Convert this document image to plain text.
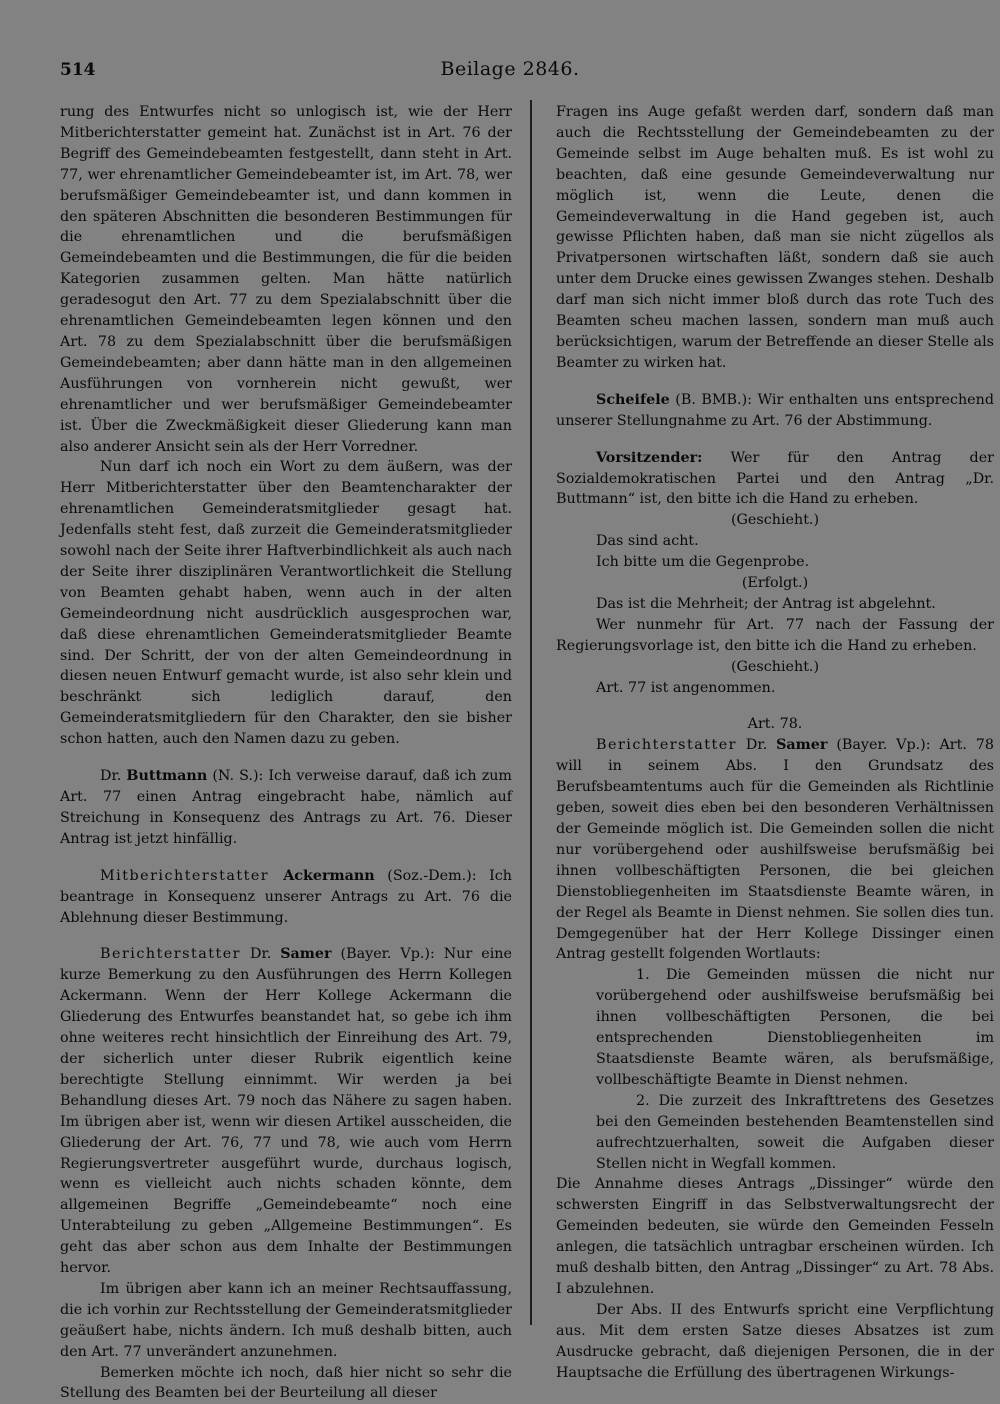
514	Beilage 2846.

rung des Entwurfes nicht so unlogisch ist, wie der Herr Mitberichterstatter gemeint hat. Zunächst ist in Art. 76 der Begriff des Gemeindebeamten festgestellt, dann steht in Art. 77, wer ehrenamtlicher Gemeindebeamter ist, im Art. 78, wer berufsmäßiger Gemeindebeamter ist, und dann kommen in den späteren Abschnitten die besonderen Bestimmungen für die ehrenamtlichen und die berufsmäßigen Gemeindebeamten und die Bestimmungen, die für die beiden Kategorien zusammen gelten. Man hätte natürlich geradesogut den Art. 77 zu dem Spezialabschnitt über die ehrenamtlichen Gemeindebeamten legen können und den Art. 78 zu dem Spezialabschnitt über die berufsmäßigen Gemeindebeamten; aber dann hätte man in den allgemeinen Ausführungen von vornherein nicht gewußt, wer ehrenamtlicher und wer berufsmäßiger Gemeindebeamter ist. Über die Zweckmäßigkeit dieser Gliederung kann man also anderer Ansicht sein als der Herr Vorredner.

Nun darf ich noch ein Wort zu dem äußern, was der Herr Mitberichterstatter über den Beamtencharakter der ehrenamtlichen Gemeinderatsmitglieder gesagt hat. Jedenfalls steht fest, daß zurzeit die Gemeinderatsmitglieder sowohl nach der Seite ihrer Haftverbindlichkeit als auch nach der Seite ihrer disziplinären Verantwortlichkeit die Stellung von Beamten gehabt haben, wenn auch in der alten Gemeindeordnung nicht ausdrücklich ausgesprochen war, daß diese ehrenamtlichen Gemeinderatsmitglieder Beamte sind. Der Schritt, der von der alten Gemeindeordnung in diesen neuen Entwurf gemacht wurde, ist also sehr klein und beschränkt sich lediglich darauf, den Gemeinderatsmitgliedern für den Charakter, den sie bisher schon hatten, auch den Namen dazu zu geben.

Dr. Buttmann (N. S.): Ich verweise darauf, daß ich zum Art. 77 einen Antrag eingebracht habe, nämlich auf Streichung in Konsequenz des Antrags zu Art. 76. Dieser Antrag ist jetzt hinfällig.

Mitberichterstatter Ackermann (Soz.-Dem.): Ich beantrage in Konsequenz unserer Antrags zu Art. 76 die Ablehnung dieser Bestimmung.

Berichterstatter Dr. Samer (Bayer. Vp.): Nur eine kurze Bemerkung zu den Ausführungen des Herrn Kollegen Ackermann. Wenn der Herr Kollege Ackermann die Gliederung des Entwurfes beanstandet hat, so gebe ich ihm ohne weiteres recht hinsichtlich der Einreihung des Art. 79, der sicherlich unter dieser Rubrik eigentlich keine berechtigte Stellung einnimmt. Wir werden ja bei Behandlung dieses Art. 79 noch das Nähere zu sagen haben. Im übrigen aber ist, wenn wir diesen Artikel ausscheiden, die Gliederung der Art. 76, 77 und 78, wie auch vom Herrn Regierungsvertreter ausgeführt wurde, durchaus logisch, wenn es vielleicht auch nichts schaden könnte, dem allgemeinen Begriffe „Gemeindebeamte“ noch eine Unterabteilung zu geben „Allgemeine Bestimmungen“. Es geht das aber schon aus dem Inhalte der Bestimmungen hervor.

Im übrigen aber kann ich an meiner Rechtsauffassung, die ich vorhin zur Rechtsstellung der Gemeinderatsmitglieder geäußert habe, nichts ändern. Ich muß deshalb bitten, auch den Art. 77 unverändert anzunehmen.

Bemerken möchte ich noch, daß hier nicht so sehr die Stellung des Beamten bei der Beurteilung all dieser

Fragen ins Auge gefaßt werden darf, sondern daß man auch die Rechtsstellung der Gemeindebeamten zu der Gemeinde selbst im Auge behalten muß. Es ist wohl zu beachten, daß eine gesunde Gemeindeverwaltung nur möglich ist, wenn die Leute, denen die Gemeindeverwaltung in die Hand gegeben ist, auch gewisse Pflichten haben, daß man sie nicht zügellos als Privatpersonen wirtschaften läßt, sondern daß sie auch unter dem Drucke eines gewissen Zwanges stehen. Deshalb darf man sich nicht immer bloß durch das rote Tuch des Beamten scheu machen lassen, sondern man muß auch berücksichtigen, warum der Betreffende an dieser Stelle als Beamter zu wirken hat.

Scheifele (B. BMB.): Wir enthalten uns entsprechend unserer Stellungnahme zu Art. 76 der Abstimmung.

Vorsitzender: Wer für den Antrag der Sozialdemokratischen Partei und den Antrag „Dr. Buttmann“ ist, den bitte ich die Hand zu erheben.

(Geschieht.)

Das sind acht.

Ich bitte um die Gegenprobe.

(Erfolgt.)

Das ist die Mehrheit; der Antrag ist abgelehnt.

Wer nunmehr für Art. 77 nach der Fassung der Regierungsvorlage ist, den bitte ich die Hand zu erheben.

(Geschieht.)

Art. 77 ist angenommen.

Art. 78.

Berichterstatter Dr. Samer (Bayer. Vp.): Art. 78 will in seinem Abs. I den Grundsatz des Berufsbeamtentums auch für die Gemeinden als Richtlinie geben, soweit dies eben bei den besonderen Verhältnissen der Gemeinde möglich ist. Die Gemeinden sollen die nicht nur vorübergehend oder aushilfsweise berufsmäßig bei ihnen vollbeschäftigten Personen, die bei gleichen Dienstobliegenheiten im Staatsdienste Beamte wären, in der Regel als Beamte in Dienst nehmen. Sie sollen dies tun. Demgegenüber hat der Herr Kollege Dissinger einen Antrag gestellt folgenden Wortlauts:

1. Die Gemeinden müssen die nicht nur vorübergehend oder aushilfsweise berufsmäßig bei ihnen vollbeschäftigten Personen, die bei entsprechenden Dienstobliegenheiten im Staatsdienste Beamte wären, als berufsmäßige, vollbeschäftigte Beamte in Dienst nehmen.

2. Die zurzeit des Inkrafttretens des Gesetzes bei den Gemeinden bestehenden Beamtenstellen sind aufrechtzuerhalten, soweit die Aufgaben dieser Stellen nicht in Wegfall kommen.

Die Annahme dieses Antrags „Dissinger“ würde den schwersten Eingriff in das Selbstverwaltungsrecht der Gemeinden bedeuten, sie würde den Gemeinden Fesseln anlegen, die tatsächlich untragbar erscheinen würden. Ich muß deshalb bitten, den Antrag „Dissinger“ zu Art. 78 Abs. I abzulehnen.

Der Abs. II des Entwurfs spricht eine Verpflichtung aus. Mit dem ersten Satze dieses Absatzes ist zum Ausdrucke gebracht, daß diejenigen Personen, die in der Hauptsache die Erfüllung des übertragenen Wirkungs-
